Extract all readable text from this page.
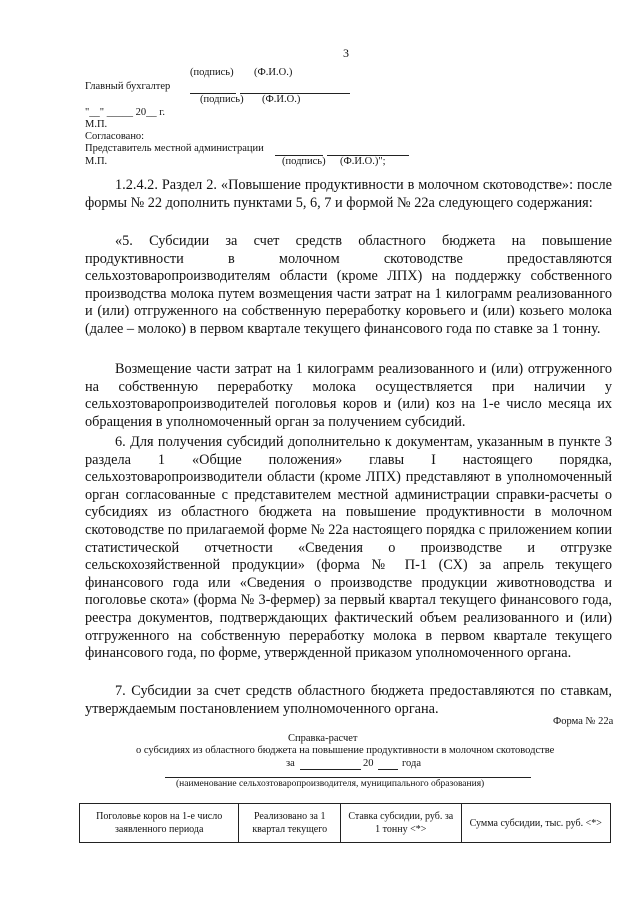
3
(подпись) (Ф.И.О.)
Главный бухгалтер
(подпись) (Ф.И.О.)
"__" _____ 20__ г.
М.П.
Согласовано:
Представитель местной администрации
М.П.	(подпись) (Ф.И.О.)";

1.2.4.2. Раздел 2. «Повышение продуктивности в молочном скотоводстве»: после формы № 22 дополнить пунктами 5, 6, 7 и формой № 22а следующего содержания:

«5. Субсидии за счет средств областного бюджета на повышение продуктивности в молочном скотоводстве предоставляются сельхозтоваропроизводителям области (кроме ЛПХ) на поддержку собственного производства молока путем возмещения части затрат на 1 килограмм реализованного и (или) отгруженного на собственную переработку коровьего и (или) козьего молока (далее – молоко) в первом квартале текущего финансового года по ставке за 1 тонну.

Возмещение части затрат на 1 килограмм реализованного и (или) отгруженного на собственную переработку молока осуществляется при наличии у сельхозтоваропроизводителей поголовья коров и (или) коз на 1-е число месяца их обращения в уполномоченный орган за получением субсидий.

6. Для получения субсидий дополнительно к документам, указанным в пункте 3 раздела 1 «Общие положения» главы I настоящего порядка, сельхозтоваропроизводители области (кроме ЛПХ) представляют в уполномоченный орган согласованные с представителем местной администрации справки-расчеты о субсидиях из областного бюджета на повышение продуктивности в молочном скотоводстве по прилагаемой форме № 22а настоящего порядка с приложением копии статистической отчетности «Сведения о производстве и отгрузке сельскохозяйственной продукции» (форма № П-1 (СХ) за апрель текущего финансового года или «Сведения о производстве продукции животноводства и поголовье скота» (форма № 3-фермер) за первый квартал текущего финансового года, реестра документов, подтверждающих фактический объем реализованного и (или) отгруженного на собственную переработку молока в первом квартале текущего финансового года, по форме, утвержденной приказом уполномоченного органа.

7. Субсидии за счет средств областного бюджета предоставляются по ставкам, утверждаемым постановлением уполномоченного органа.

Форма № 22а
Справка-расчет
о субсидиях из областного бюджета на повышение продуктивности в молочном скотоводстве
за	20	года
(наименование сельхозтоваропроизводителя, муниципального образования)
Поголовье коров на 1-е число заявленного периода	Реализовано за 1 квартал текущего	Ставка субсидии, руб. за 1 тонну <*>	Сумма субсидии, тыс. руб. <*>
